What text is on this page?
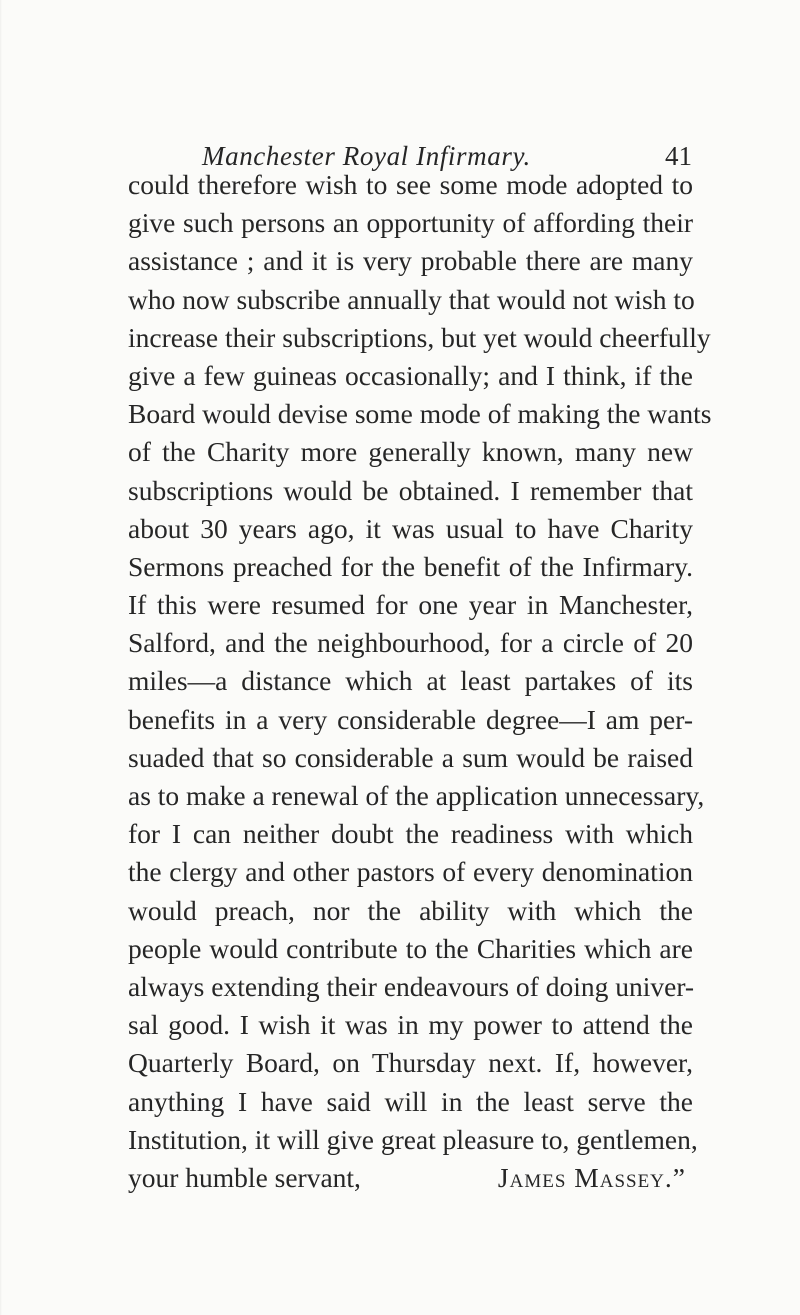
Manchester Royal Infirmary.	41
could therefore wish to see some mode adopted to
give such persons an opportunity of affording their
assistance ; and it is very probable there are many
who now subscribe annually that would not wish to
increase their subscriptions, but yet would cheerfully
give a few guineas occasionally; and I think, if the
Board would devise some mode of making the wants
of the Charity more generally known, many new
subscriptions would be obtained. I remember that
about 30 years ago, it was usual to have Charity
Sermons preached for the benefit of the Infirmary.
If this were resumed for one year in Manchester,
Salford, and the neighbourhood, for a circle of 20
miles—a distance which at least partakes of its
benefits in a very considerable degree—I am per-
suaded that so considerable a sum would be raised
as to make a renewal of the application unnecessary,
for I can neither doubt the readiness with which
the clergy and other pastors of every denomination
would preach, nor the ability with which the
people would contribute to the Charities which are
always extending their endeavours of doing univer-
sal good. I wish it was in my power to attend the
Quarterly Board, on Thursday next. If, however,
anything I have said will in the least serve the
Institution, it will give great pleasure to, gentlemen,
your humble servant,	James Massey.”
